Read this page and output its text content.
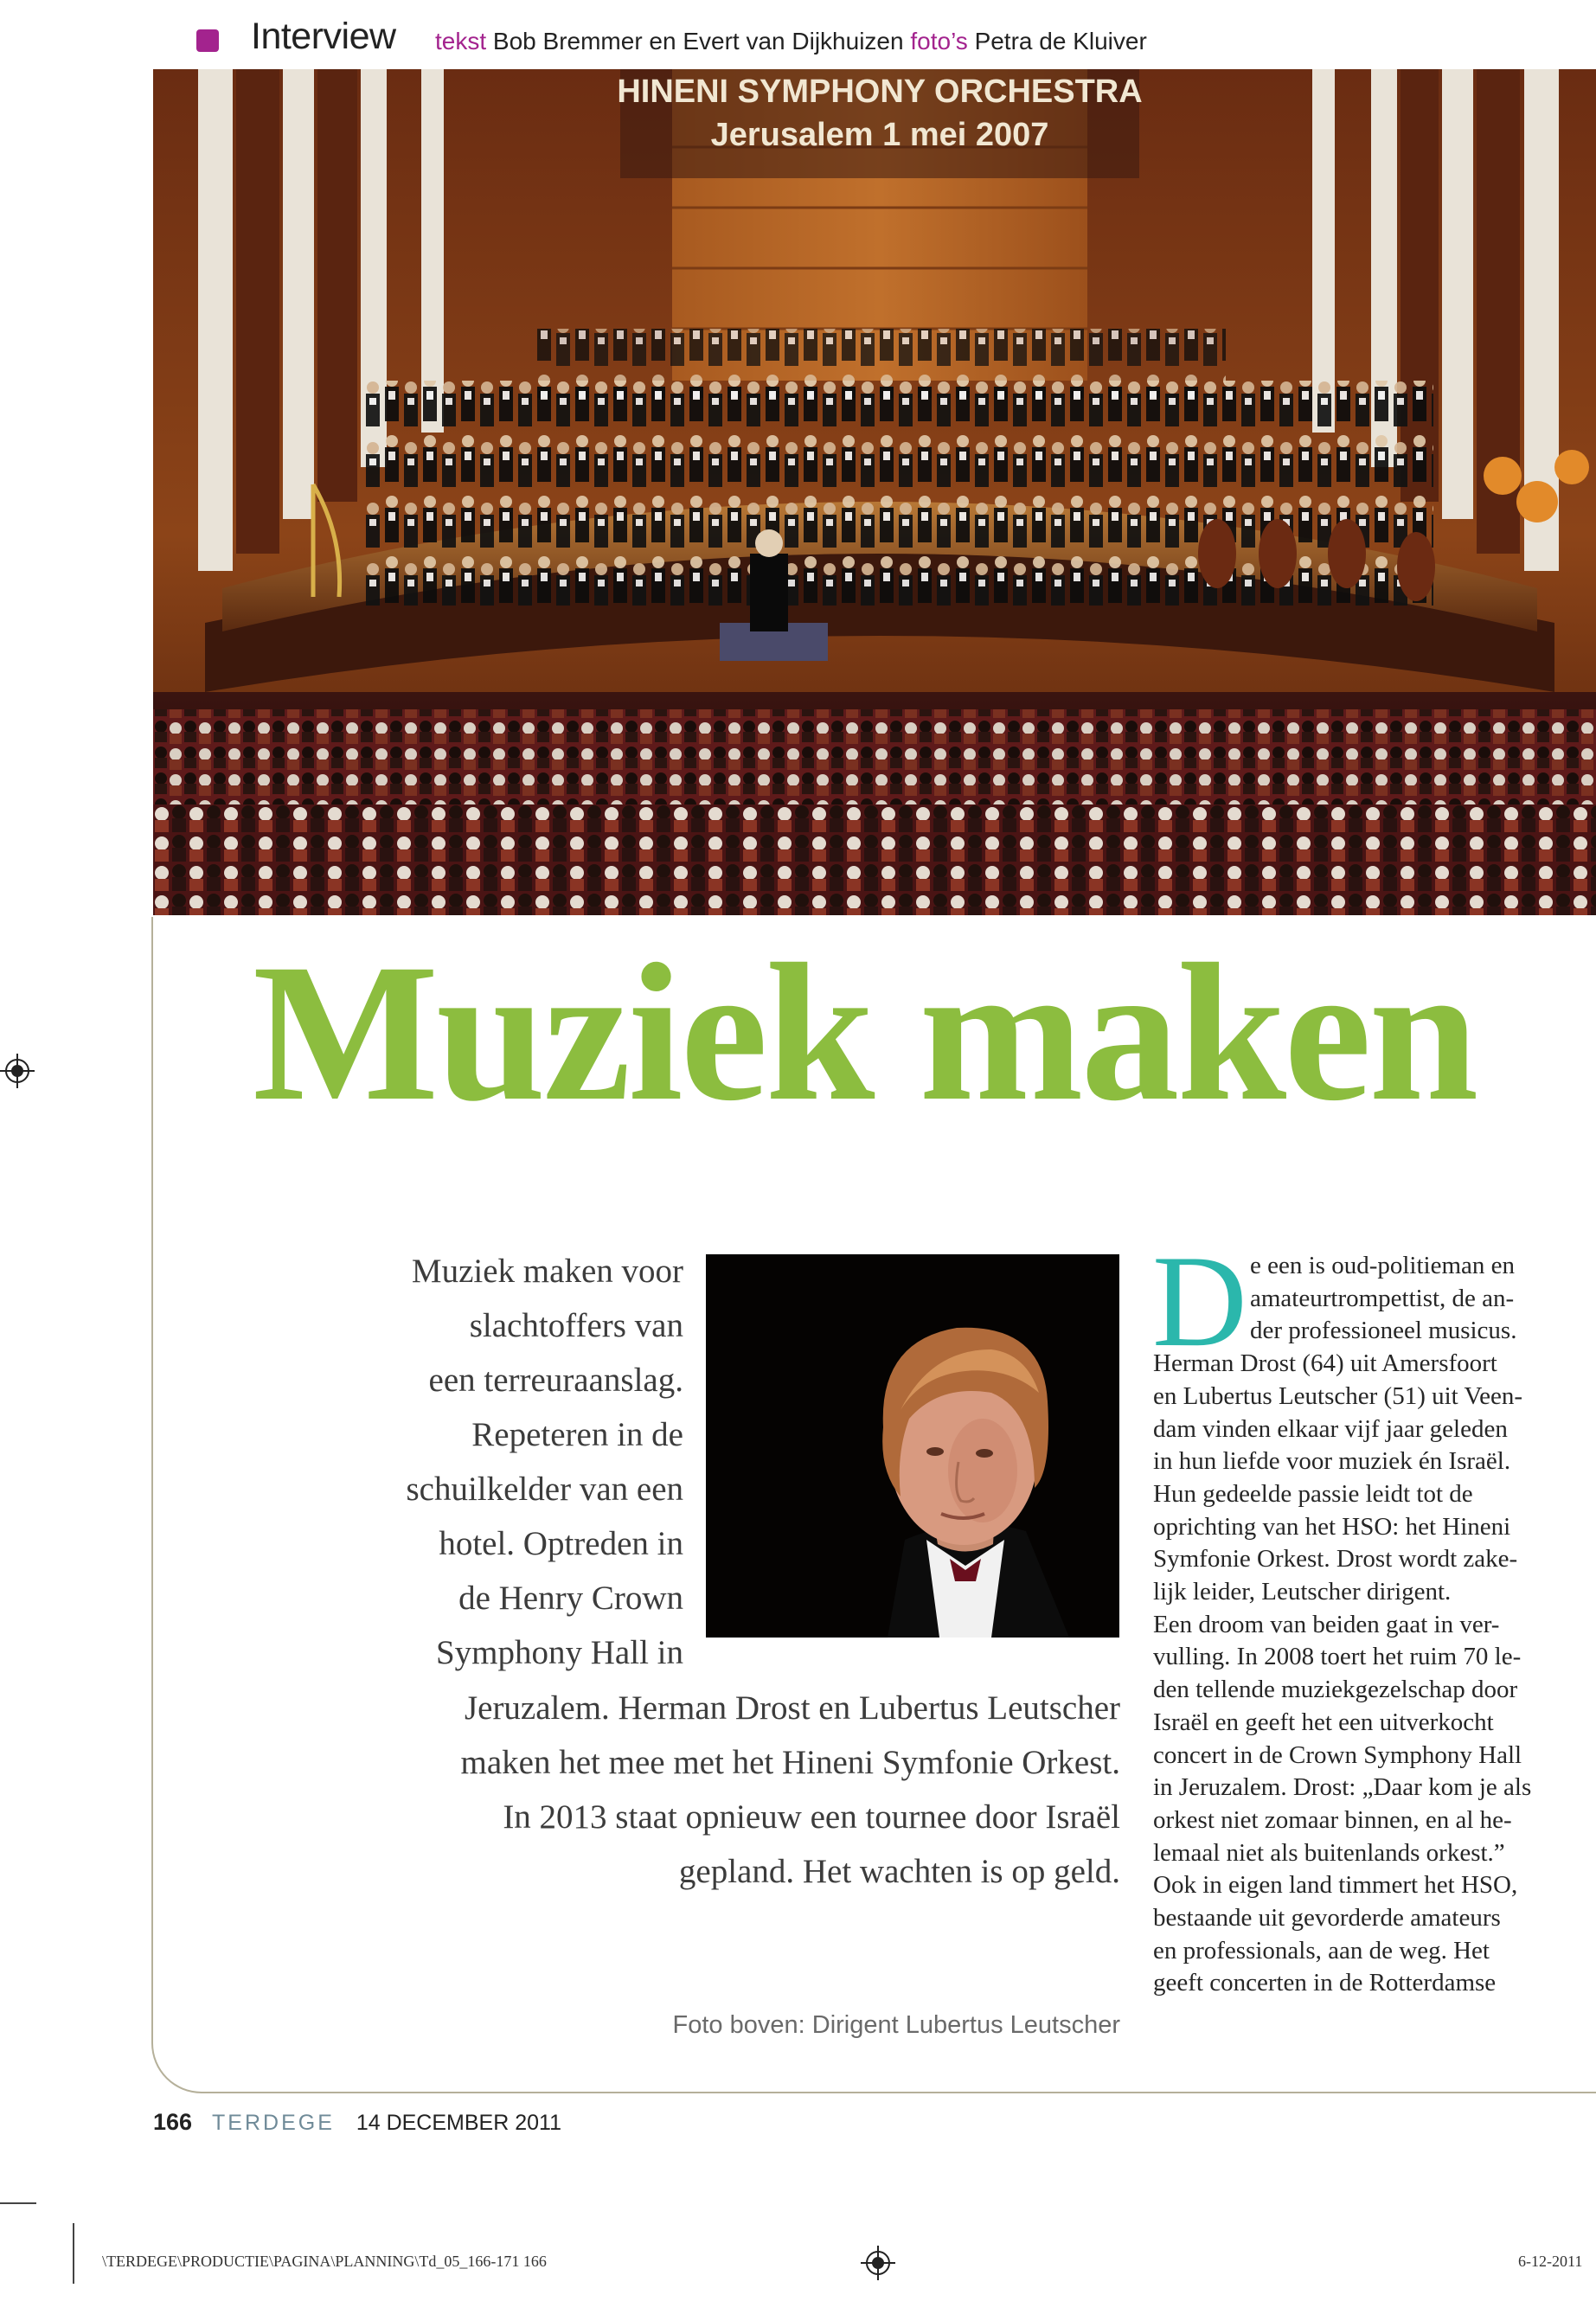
Interview tekst Bob Bremmer en Evert van Dijkhuizen foto’s Petra de Kluiver
HINENI SYMPHONY ORCHESTRA
Jerusalem 1 mei 2007
Muziek maken
Muziek maken voor
slachtoffers van
een terreuraanslag.
Repeteren in de
schuilkelder van een
hotel. Optreden in
de Henry Crown
Symphony Hall in
Jeruzalem. Herman Drost en Lubertus Leutscher
maken het mee met het Hineni Symfonie Orkest.
In 2013 staat opnieuw een tournee door Israël
gepland. Het wachten is op geld.
Foto boven: Dirigent Lubertus Leutscher
D e een is oud-politieman en
amateurtrompettist, de an-
der professioneel musicus.
Herman Drost (64) uit Amersfoort
en Lubertus Leutscher (51) uit Veen-
dam vinden elkaar vijf jaar geleden
in hun liefde voor muziek én Israël.
Hun gedeelde passie leidt tot de
oprichting van het HSO: het Hineni
Symfonie Orkest. Drost wordt zake-
lijk leider, Leutscher dirigent.
Een droom van beiden gaat in ver-
vulling. In 2008 toert het ruim 70 le-
den tellende muziekgezelschap door
Israël en geeft het een uitverkocht
concert in de Crown Symphony Hall
in Jeruzalem. Drost: „Daar kom je als
orkest niet zomaar binnen, en al he-
lemaal niet als buitenlands orkest.”
Ook in eigen land timmert het HSO,
bestaande uit gevorderde amateurs
en professionals, aan de weg. Het
geeft concerten in de Rotterdamse
166 TERDEGE 14 DECEMBER 2011
\TERDEGE\PRODUCTIE\PAGINA\PLANNING\Td_05_166-171 166	6-12-2011
